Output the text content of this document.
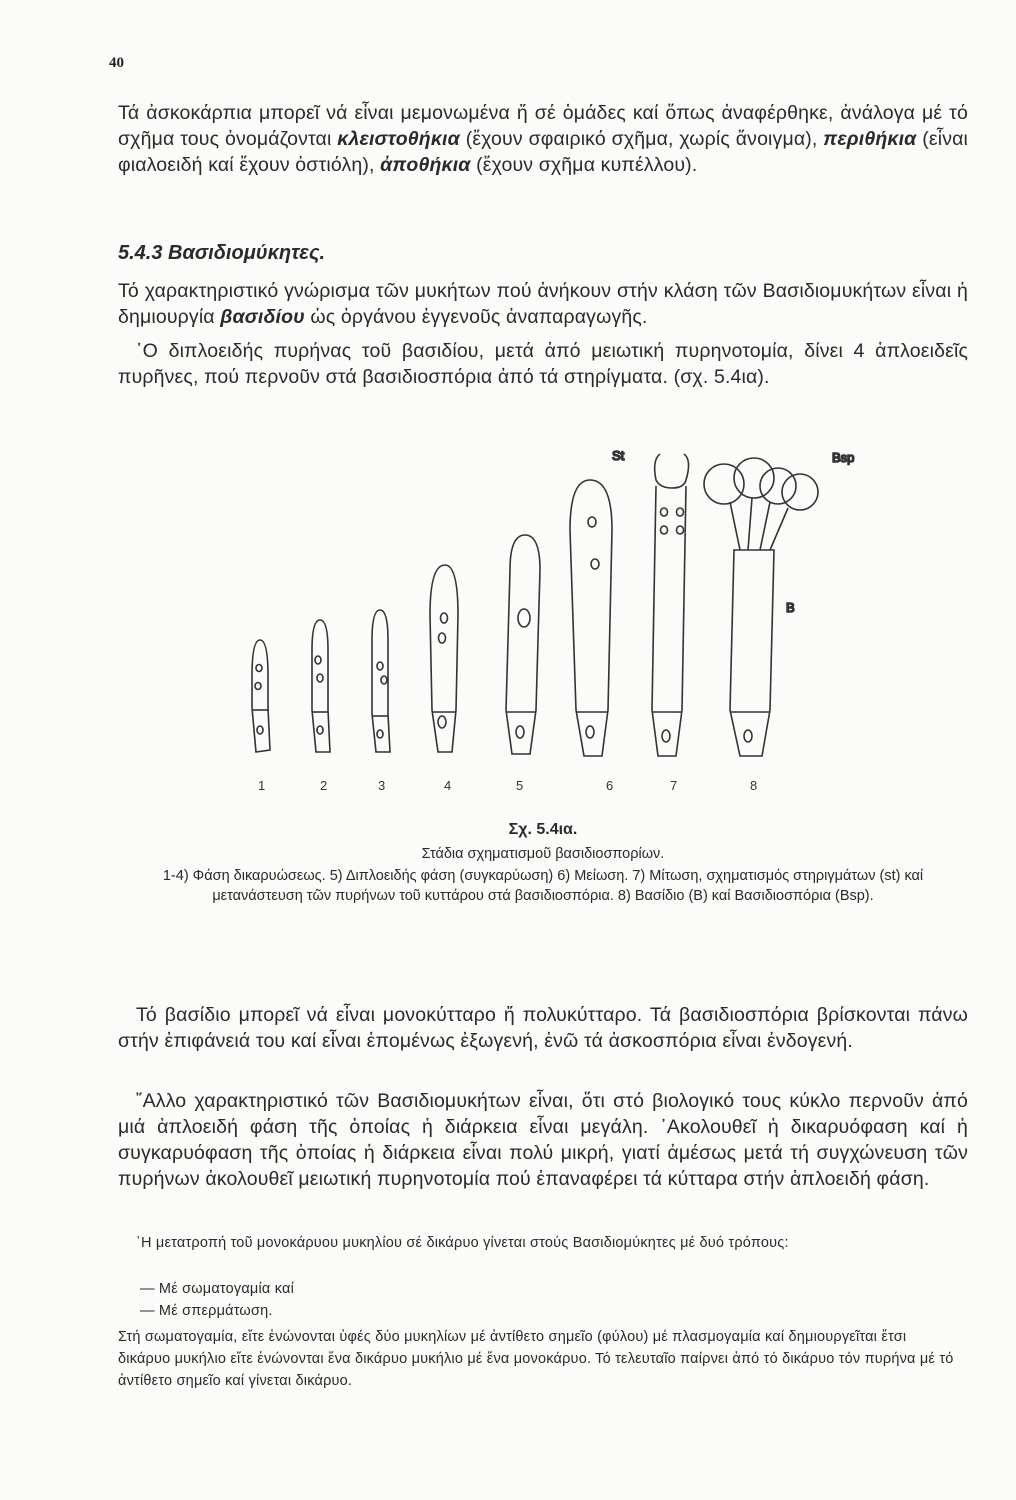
40
Τά ἀσκοκάρπια μπορεῖ νά εἶναι μεμονωμένα ἤ σέ ὁμάδες καί ὅπως ἀναφέρθηκε, ἀνάλογα μέ τό σχῆμα τους ὀνομάζονται κλειστοθήκια (ἔχουν σφαιρικό σχῆμα, χωρίς ἄνοιγμα), περιθήκια (εἶναι φιαλοειδή καί ἔχουν ὀστιόλη), ἀποθήκια (ἔχουν σχῆμα κυπέλλου).
5.4.3 Βασιδιομύκητες.
Τό χαρακτηριστικό γνώρισμα τῶν μυκήτων πού ἀνήκουν στήν κλάση τῶν Βασιδιομυκήτων εἶναι ἡ δημιουργία βασιδίου ὡς ὀργάνου ἐγγενοῦς ἀναπαραγωγῆς.
῾Ο διπλοειδής πυρήνας τοῦ βασιδίου, μετά ἀπό μειωτική πυρηνοτομία, δίνει 4 ἁπλοειδεῖς πυρῆνες, πού περνοῦν στά βασιδιοσπόρια ἀπό τά στηρίγματα. (σχ. 5.4ια).
St	Bsp
B
1	2	3	4	5	6	7	8
Σχ. 5.4ια.
Στάδια σχηματισμοῦ βασιδιοσπορίων.
1-4) Φάση δικαρυώσεως. 5) Διπλοειδής φάση (συγκαρύωση) 6) Μείωση. 7) Μίτωση, σχηματισμός στηριγμάτων (st) καί μετανάστευση τῶν πυρήνων τοῦ κυττάρου στά βασιδιοσπόρια. 8) Βασίδιο (B) καί Βασιδιοσπόρια (Bsp).
Τό βασίδιο μπορεῖ νά εἶναι μονοκύτταρο ἤ πολυκύτταρο. Τά βασιδιοσπόρια βρίσκονται πάνω στήν ἐπιφάνειά του καί εἶναι ἑπομένως ἐξωγενή, ἐνῶ τά ἀσκοσπόρια εἶναι ἐνδογενή.
῎Αλλο χαρακτηριστικό τῶν Βασιδιομυκήτων εἶναι, ὅτι στό βιολογικό τους κύκλο περνοῦν ἀπό μιά ἁπλοειδή φάση τῆς ὁποίας ἡ διάρκεια εἶναι μεγάλη. ᾿Ακολουθεῖ ἡ δικαρυόφαση καί ἡ συγκαρυόφαση τῆς ὁποίας ἡ διάρκεια εἶναι πολύ μικρή, γιατί ἀμέσως μετά τή συγχώνευση τῶν πυρήνων ἀκολουθεῖ μειωτική πυρηνοτομία πού ἐπαναφέρει τά κύτταρα στήν ἁπλοειδή φάση.
῾Η μετατροπή τοῦ μονοκάρυου μυκηλίου σέ δικάρυο γίνεται στούς Βασιδιομύκητες μέ δυό τρόπους:
— Μέ σωματογαμία καί
— Μέ σπερμάτωση.
Στή σωματογαμία, εἴτε ἑνώνονται ὑφές δύο μυκηλίων μέ ἀντίθετο σημεῖο (φύλου) μέ πλασμογαμία καί δημιουργεῖται ἔτσι δικάρυο μυκήλιο εἴτε ἑνώνονται ἕνα δικάρυο μυκήλιο μέ ἕνα μονοκάρυο. Τό τελευταῖο παίρνει ἀπό τό δικάρυο τόν πυρήνα μέ τό ἀντίθετο σημεῖο καί γίνεται δικάρυο.
